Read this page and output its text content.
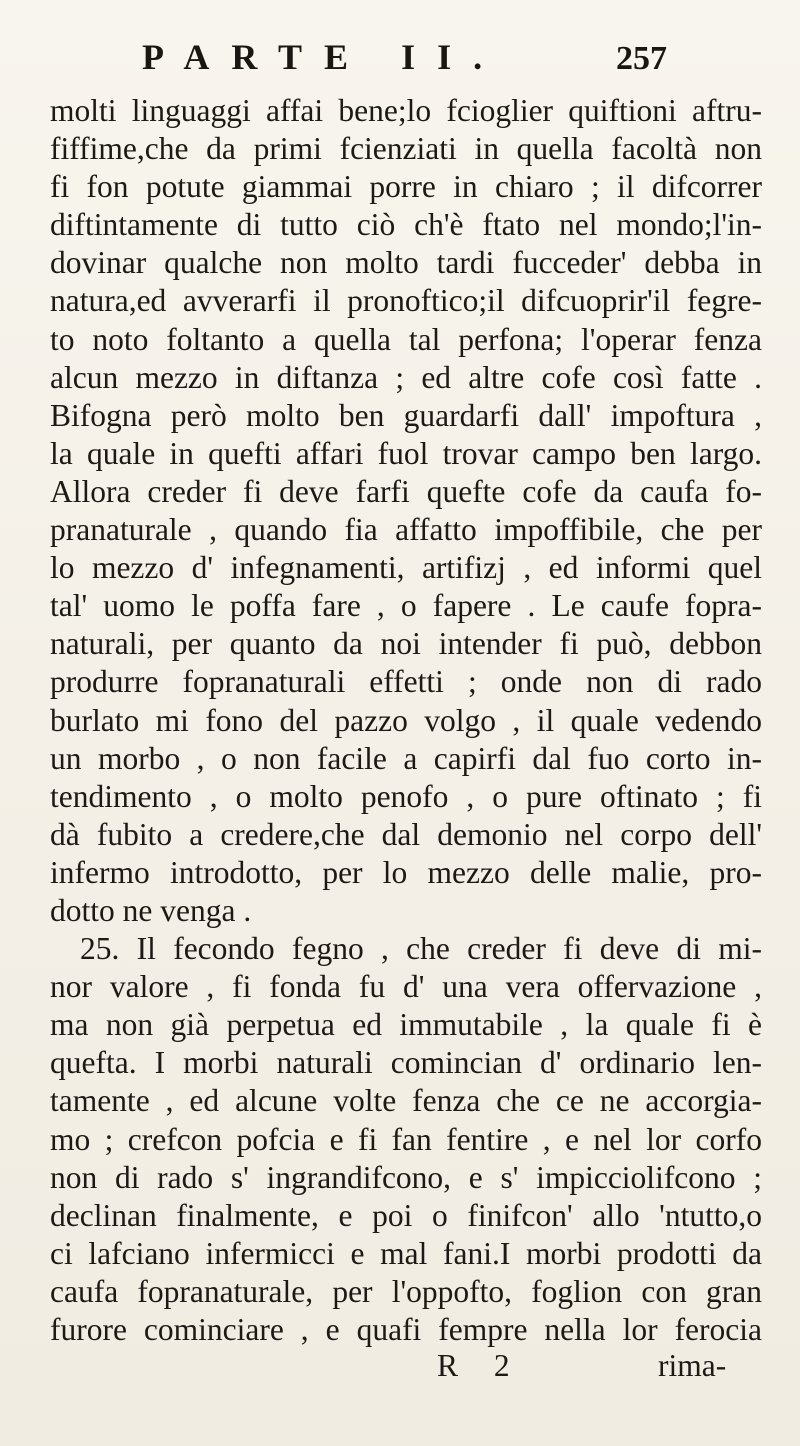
PARTE II.	257
molti linguaggi affai bene;lo fcioglier quiftioni aftru-
fiffime,che da primi fcienziati in quella facoltà non
fi fon potute giammai porre in chiaro ; il difcorrer
diftintamente di tutto ciò ch'è ftato nel mondo;l'in-
dovinar qualche non molto tardi fucceder' debba in
natura,ed avverarfi il pronoftico;il difcuoprir'il fegre-
to noto foltanto a quella tal perfona; l'operar fenza
alcun mezzo in diftanza ; ed altre cofe così fatte .
Bifogna però molto ben guardarfi dall' impoftura ,
la quale in quefti affari fuol trovar campo ben largo.
Allora creder fi deve farfi quefte cofe da caufa fo-
pranaturale , quando fia affatto impoffibile, che per
lo mezzo d' infegnamenti, artifizj , ed informi quel
tal' uomo le poffa fare , o fapere . Le caufe fopra-
naturali, per quanto da noi intender fi può, debbon
produrre fopranaturali effetti ; onde non di rado
burlato mi fono del pazzo volgo , il quale vedendo
un morbo , o non facile a capirfi dal fuo corto in-
tendimento , o molto penofo , o pure oftinato ; fi
dà fubito a credere,che dal demonio nel corpo dell'
infermo introdotto, per lo mezzo delle malie, pro-
dotto ne venga .
25. Il fecondo fegno , che creder fi deve di mi-
nor valore , fi fonda fu d' una vera offervazione ,
ma non già perpetua ed immutabile , la quale fi è
quefta. I morbi naturali comincian d' ordinario len-
tamente , ed alcune volte fenza che ce ne accorgia-
mo ; crefcon pofcia e fi fan fentire , e nel lor corfo
non di rado s' ingrandifcono, e s' impicciolifcono ;
declinan finalmente, e poi o finifcon' allo 'ntutto,o
ci lafciano infermicci e mal fani.I morbi prodotti da
caufa fopranaturale, per l'oppofto, foglion con gran
furore cominciare , e quafi fempre nella lor ferocia
R 2	rima-
